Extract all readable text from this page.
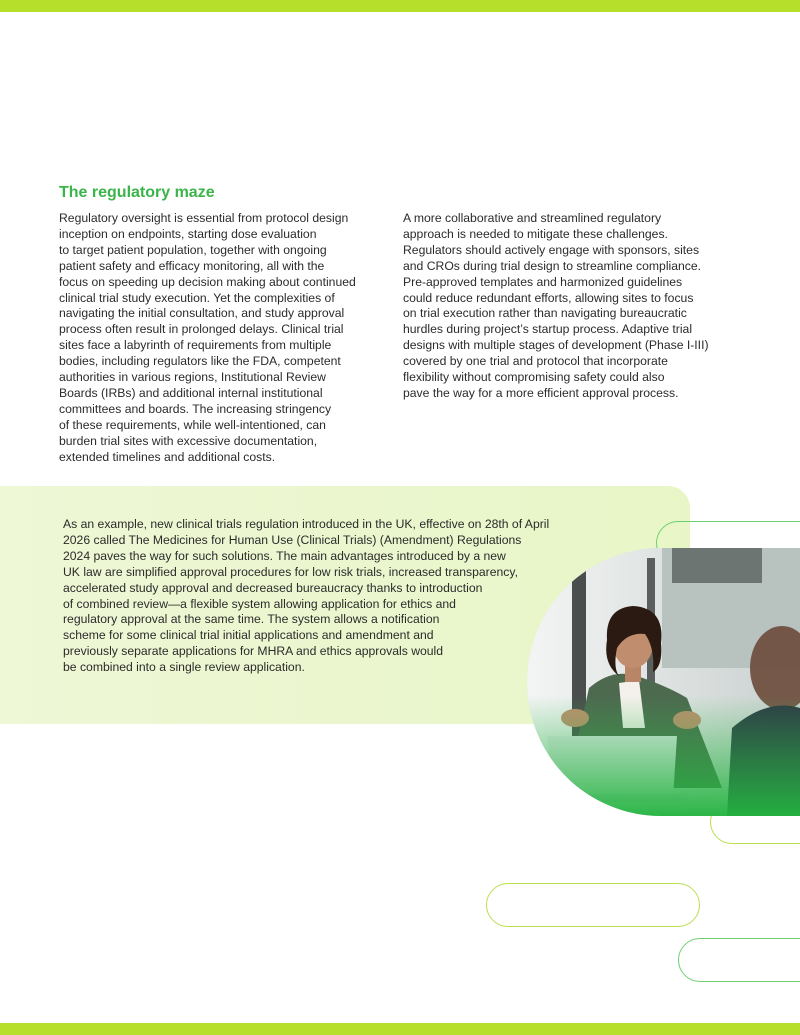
The regulatory maze

Regulatory oversight is essential from protocol design
inception on endpoints, starting dose evaluation
to target patient population, together with ongoing
patient safety and efficacy monitoring, all with the
focus on speeding up decision making about continued
clinical trial study execution. Yet the complexities of
navigating the initial consultation, and study approval
process often result in prolonged delays. Clinical trial
sites face a labyrinth of requirements from multiple
bodies, including regulators like the FDA, competent
authorities in various regions, Institutional Review
Boards (IRBs) and additional internal institutional
committees and boards. The increasing stringency
of these requirements, while well-intentioned, can
burden trial sites with excessive documentation,
extended timelines and additional costs.

A more collaborative and streamlined regulatory
approach is needed to mitigate these challenges.
Regulators should actively engage with sponsors, sites
and CROs during trial design to streamline compliance.
Pre-approved templates and harmonized guidelines
could reduce redundant efforts, allowing sites to focus
on trial execution rather than navigating bureaucratic
hurdles during project’s startup process. Adaptive trial
designs with multiple stages of development (Phase I-III)
covered by one trial and protocol that incorporate
flexibility without compromising safety could also
pave the way for a more efficient approval process.

As an example, new clinical trials regulation introduced in the UK, effective on 28th of April
2026 called The Medicines for Human Use (Clinical Trials) (Amendment) Regulations
2024 paves the way for such solutions. The main advantages introduced by a new
UK law are simplified approval procedures for low risk trials, increased transparency,
accelerated study approval and decreased bureaucracy thanks to introduction
of combined review—a flexible system allowing application for ethics and
regulatory approval at the same time. The system allows a notification
scheme for some clinical trial initial applications and amendment and
previously separate applications for MHRA and ethics approvals would
be combined into a single review application.
